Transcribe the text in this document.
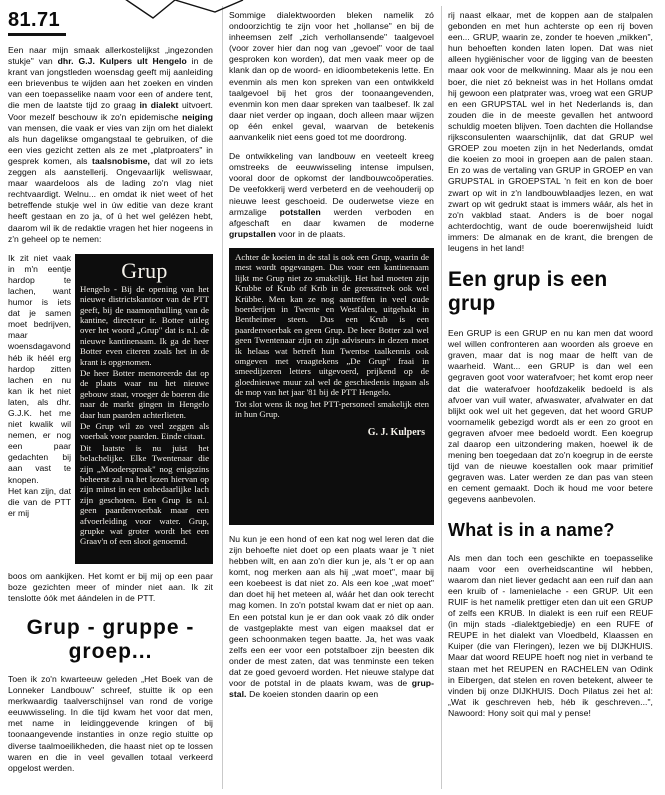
81.71

Een naar mijn smaak allerkostelijkst „ingezonden stukje" van dhr. G.J. Kulpers ult Hengelo in de krant van jongstleden woensdag geeft mij aanleiding een brievenbus te wijden aan het zoeken en vinden van een toepasselike naam voor een of andere tent, die men de laatste tijd zo graag in dialekt uitvoert. Voor mezelf beschouw ik zo'n epidemische neiging van mensen, die vaak er vies van zijn om het dialekt als hun dagelikse omgangstaal te gebruiken, of die een vies gezicht zetten als ze met „platproaters" in gesprek komen, als taalsnobisme, dat wil zo iets zeggen als aanstellerij. Ongevaarlijk weliswaar, maar waardeloos als de lading zo'n vlag niet rechtvaardigt. Welnu... en omdat ik niet weet of het betreffende stukje wel in úw editie van deze krant heeft gestaan en zo ja, of ú het wel gelézen hebt, daarom wil ik de redaktie vragen het hier nogeens in z'n geheel op te nemen:

Grup

Hengelo - Bij de opening van het nieuwe districtskantoor van de PTT geeft, bij de naamonthulling van de kantine, directeur ir. Botter uitleg over het woord „Grup" dat is n.l. de nieuwe kantinenaam. Ik ga de heer Botter even citeren zoals het in de krant is opgenomen.

De heer Botter memoreerde dat op de plaats waar nu het nieuwe gebouw staat, vroeger de boeren die naar de markt gingen in Hengelo daar hun paarden achterlieten.

De Grup wil zo veel zeggen als voerbak voor paarden. Einde citaat.

Dit laatste is nu juist het belachelijke. Elke Twentenaar die zijn „Moodersproak" nog enigszins beheerst zal na het lezen hiervan op zijn minst in een onbedaarlijke lach zijn geschoten. Een Grup is n.l. geen paardenvoerbak maar een afvoerleiding voor water. Grup, grupke wat groter wordt het een Graav'n of een sloot genoemd.

Ik zit niet vaak in m'n eentje hardop te lachen, want humor is iets dat je samen moet bedrijven, maar woensdagavond héb ik héél erg hardop zitten lachen en nu kan ik het niet laten, als dhr. G.J.K. het me niet kwalik wil nemen, er nog een paar gedachten bij aan vast te knopen. Het kan zijn, dat die van de PTT er mij

boos om aankijken. Het komt er bij mij op een paar boze gezichten meer of minder niet aan. Ik zit tenslotte óók met áándelen in de PTT.

Grup - gruppe - groep...

Toen ik zo'n kwarteeuw geleden „Het Boek van de Lonneker Landbouw" schreef, stuitte ik op een merkwaardig taalverschijnsel van rond de vorige eeuwwisseling. In die tijd kwam het voor dat men, met name in leidinggevende kringen of bij toonaangevende instanties in onze regio stuitte op diverse taalmoeilikheden, die haast niet op te lossen waren en die in veel gevallen totaal verkeerd opgelost werden.

Sommige dialektwoorden bleken namelik zó ondoorzichtig te zijn voor het „hollanse" en bij de inheemsen zelf „zich verhollansende" taalgevoel (voor zover hier dan nog van „gevoel" voor de taal gesproken kon worden), dat men vaak meer op de klank dan op de woord- en idioombetekenis lette. En evenmin als men kon spreken van een ontwikkeld taalgevoel bij het gros der toonaangevenden, evenmin kon men daar spreken van taalbesef. Ik zal daar niet verder op ingaan, doch alleen maar wijzen op één enkel geval, waarvan de betekenis aanvankelik niet eens goed tot me doordrong.

De ontwikkeling van landbouw en veeteelt kreeg omstreeks de eeuwwisseling intense impulsen, vooral door de opkomst der landbouwcoöperaties. De veefokkerij werd verbeterd en de veehouderij op nieuwe leest geschoeid. De ouderwetse vieze en armzalige potstallen werden verboden en afgeschaft en daar kwamen de moderne grupstallen voor in de plaats.

Achter de koeien in de stal is ook een Grup, waarin de mest wordt opgevangen. Dus voor een kantinenaam lijkt me Grup niet zo smakelijk. Het had moeten zijn Krubbe of Krub of Krib in de grensstreek ook wel Krübbe. Men kan ze nog aantreffen in veel oude boerderijen in Twente en Westfalen, uitgehakt in Bentheimer steen. Dus een Krub is een paardenvoerbak en geen Grup. De heer Botter zal wel geen Twentenaar zijn en zijn adviseurs in dezen moet ik helaas wat betreft hun Twentse taalkennis ook omgeven met vraagtekens „De Grup" fraai in smeedijzeren letters uitgevoerd, prijkend op de gloednieuwe muur zal wel de geschiedenis ingaan als de mop van het jaar '81 bij de PTT Hengelo.

Tot slot wens ik nog het PTT-personeel smakelijk eten in hun Grup.

G. J. Kulpers

Nu kun je een hond of een kat nog wel leren dat die zijn behoefte niet doet op een plaats waar je 't niet hebben wilt, en aan zo'n dier kun je, als 't er op aan komt, nog merken aan als hij „wat moet", maar bij een koebeest is dat niet zo. Als een koe „wat moet" dan doet hij het meteen al, wáár het dan ook terecht mag komen. In zo'n potstal kwam dat er niet op aan. En een potstal kun je er dan ook vaak zó dik onder de vastgeplakte mest van eigen maaksel dat er geen schoonmaken tegen baatte. Ja, het was vaak zelfs een eer voor een potstalboer zijn beesten dik onder de mest zaten, dat was tenminste een teken dat ze goed gevoerd worden. Het nieuwe stalype dat voor de potstal in de plaats kwam, was de grup-stal. De koeien stonden daarin op een

rij naast elkaar, met de koppen aan de stalpalen gebonden en met hun achterste op een rij boven een... GRUP, waarin ze, zonder te hoeven „mikken", hun behoeften konden laten lopen. Dat was niet alleen hygiënischer voor de ligging van de beesten maar ook voor de melkwinning. Maar als je nou een boer, die niet zó bekneist was in het Hollans omdat hij gewoon een platprater was, vroeg wat een GRUP en een GRUPSTAL wel in het Nederlands is, dan zouden die in de meeste gevallen het antwoord schuldig moeten blijven. Toen dachten die Hollandse rijksconsulenten waarschijnlik, dat dat GRUP wel GROEP zou moeten zijn in het Nederlands, omdat die koeien zo mooi in groepen aan de palen staan. En zo was de vertaling van GRUP in GROEP en van GRUPSTAL in GROEPSTAL 'n feit en kon de boer zwart op wit in z'n landbouwblaadjes lezen, en wat zwart op wit gedrukt staat is immers wáár, als het in zo'n vakblad staat. Anders is de boer nogal achterdochtig, want de oude boerenwijsheid luidt immers: De almanak en de krant, die brengen de leugens in het land!

Een grup is een grup

Een GRUP is een GRUP en nu kan men dat woord wel willen confronteren aan woorden als groeve en graven, maar dat is nog maar de helft van de waarheid. Want... een GRUP is dan wel een gegraven goot voor waterafvoer; het komt erop neer dat die waterafvoer hoofdzakelik bedoeld is als afvoer van vuil water, afwaswater, afvalwater en dat blijkt ook wel uit het gegeven, dat het woord GRUP voornamelik gebezigd wordt als er een zo groot en gegraven afvoer mee bedoeld wordt. Een koegrup zal daarop een uitzondering maken, hoewel ik de mening ben toegedaan dat zo'n koegrup in de eerste tijd van de nieuwe koestallen ook maar primitief gegraven was. Later werden ze dan pas van steen en cement gemaakt. Doch ik houd me voor betere gegevens aanbevolen.

What is in a name?

Als men dan toch een geschikte en toepasselike naam voor een overheidscantine wil hebben, waarom dan niet liever gedacht aan een ruif dan aan een kruib of - lamenielache - een GRUP. Uit een RUIF is het namelik prettiger eten dan uit een GRUP of zelfs een KRUB. In dialekt is een ruif een REUF (in mijn stads -dialektgebiedje) en een RUFE of REUPE in het dialekt van Vloedbeld, Klaassen en Kuiper (die van Fleringen), lezen we bij DIJKHUIS. Maar dat woord REUPE hoeft nog niet in verband te staan met het REUPEN en RACHELEN van Odink in Eibergen, dat stelen en roven betekent, alweer te vinden bij onze DIJKHUIS. Doch Pilatus zei het al: „Wat ik geschreven heb, héb ik geschreven...", Nawoord: Hony soit qui mal y pense!
